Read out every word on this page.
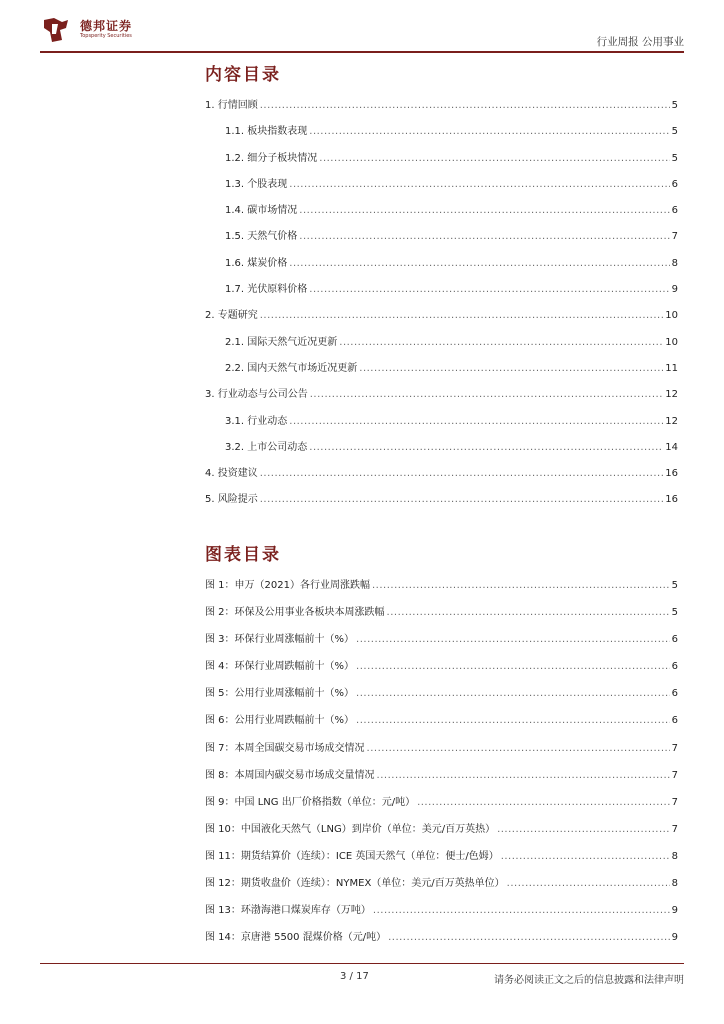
德邦证券
Topsperity Securities	行业周报 公用事业
内容目录
1. 行情回顾 .....	5
1.1. 板块指数表现 .....	5
1.2. 细分子板块情况 .....	5
1.3. 个股表现 .....	6
1.4. 碳市场情况 .....	6
1.5. 天然气价格 .....	7
1.6. 煤炭价格 .....	8
1.7. 光伏原料价格 .....	9
2. 专题研究 .....	10
2.1. 国际天然气近况更新 .....	10
2.2. 国内天然气市场近况更新 .....	11
3. 行业动态与公司公告 .....	12
3.1. 行业动态 .....	12
3.2. 上市公司动态 .....	14
4. 投资建议 .....	16
5. 风险提示 .....	16
图表目录
图 1：申万（2021）各行业周涨跌幅 .....	5
图 2：环保及公用事业各板块本周涨跌幅 .....	5
图 3：环保行业周涨幅前十（%） .....	6
图 4：环保行业周跌幅前十（%） .....	6
图 5：公用行业周涨幅前十（%） .....	6
图 6：公用行业周跌幅前十（%） .....	6
图 7：本周全国碳交易市场成交情况 .....	7
图 8：本周国内碳交易市场成交量情况 .....	7
图 9：中国 LNG 出厂价格指数（单位：元/吨） .....	7
图 10：中国液化天然气（LNG）到岸价（单位：美元/百万英热） .....	7
图 11：期货结算价（连续）：ICE 英国天然气（单位：便士/色姆） .....	8
图 12：期货收盘价（连续）：NYMEX（单位：美元/百万英热单位） .....	8
图 13：环渤海港口煤炭库存（万吨） .....	9
图 14：京唐港 5500 混煤价格（元/吨） .....	9
3 / 17	请务必阅读正文之后的信息披露和法律声明
